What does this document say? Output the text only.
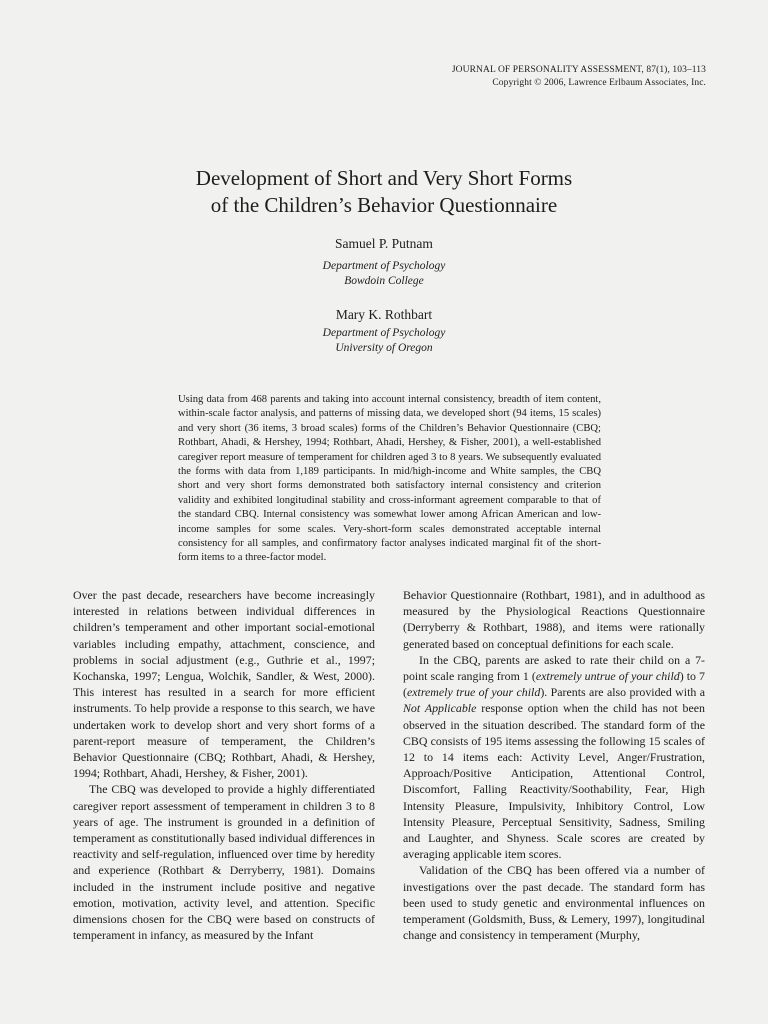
JOURNAL OF PERSONALITY ASSESSMENT, 87(1), 103–113
Copyright © 2006, Lawrence Erlbaum Associates, Inc.
Development of Short and Very Short Forms
of the Children’s Behavior Questionnaire
Samuel P. Putnam
Department of Psychology
Bowdoin College
Mary K. Rothbart
Department of Psychology
University of Oregon

Using data from 468 parents and taking into account internal consistency, breadth of item content, within-scale factor analysis, and patterns of missing data, we developed short (94 items, 15 scales) and very short (36 items, 3 broad scales) forms of the Children’s Behavior Questionnaire (CBQ; Rothbart, Ahadi, & Hershey, 1994; Rothbart, Ahadi, Hershey, & Fisher, 2001), a well-established caregiver report measure of temperament for children aged 3 to 8 years. We subsequently evaluated the forms with data from 1,189 participants. In mid/high-income and White samples, the CBQ short and very short forms demonstrated both satisfactory internal consistency and criterion validity and exhibited longitudinal stability and cross-informant agreement comparable to that of the standard CBQ. Internal consistency was somewhat lower among African American and low-income samples for some scales. Very-short-form scales demonstrated acceptable internal consistency for all samples, and confirmatory factor analyses indicated marginal fit of the short-form items to a three-factor model.

Over the past decade, researchers have become increasingly interested in relations between individual differences in children’s temperament and other important social-emotional variables including empathy, attachment, conscience, and problems in social adjustment (e.g., Guthrie et al., 1997; Kochanska, 1997; Lengua, Wolchik, Sandler, & West, 2000). This interest has resulted in a search for more efficient instruments. To help provide a response to this search, we have undertaken work to develop short and very short forms of a parent-report measure of temperament, the Children’s Behavior Questionnaire (CBQ; Rothbart, Ahadi, & Hershey, 1994; Rothbart, Ahadi, Hershey, & Fisher, 2001).

The CBQ was developed to provide a highly differentiated caregiver report assessment of temperament in children 3 to 8 years of age. The instrument is grounded in a definition of temperament as constitutionally based individual differences in reactivity and self-regulation, influenced over time by heredity and experience (Rothbart & Derryberry, 1981). Domains included in the instrument include positive and negative emotion, motivation, activity level, and attention. Specific dimensions chosen for the CBQ were based on constructs of temperament in infancy, as measured by the Infant

Behavior Questionnaire (Rothbart, 1981), and in adulthood as measured by the Physiological Reactions Questionnaire (Derryberry & Rothbart, 1988), and items were rationally generated based on conceptual definitions for each scale.

In the CBQ, parents are asked to rate their child on a 7-point scale ranging from 1 (extremely untrue of your child) to 7 (extremely true of your child). Parents are also provided with a Not Applicable response option when the child has not been observed in the situation described. The standard form of the CBQ consists of 195 items assessing the following 15 scales of 12 to 14 items each: Activity Level, Anger/Frustration, Approach/Positive Anticipation, Attentional Control, Discomfort, Falling Reactivity/Soothability, Fear, High Intensity Pleasure, Impulsivity, Inhibitory Control, Low Intensity Pleasure, Perceptual Sensitivity, Sadness, Smiling and Laughter, and Shyness. Scale scores are created by averaging applicable item scores.

Validation of the CBQ has been offered via a number of investigations over the past decade. The standard form has been used to study genetic and environmental influences on temperament (Goldsmith, Buss, & Lemery, 1997), longitudinal change and consistency in temperament (Murphy,
